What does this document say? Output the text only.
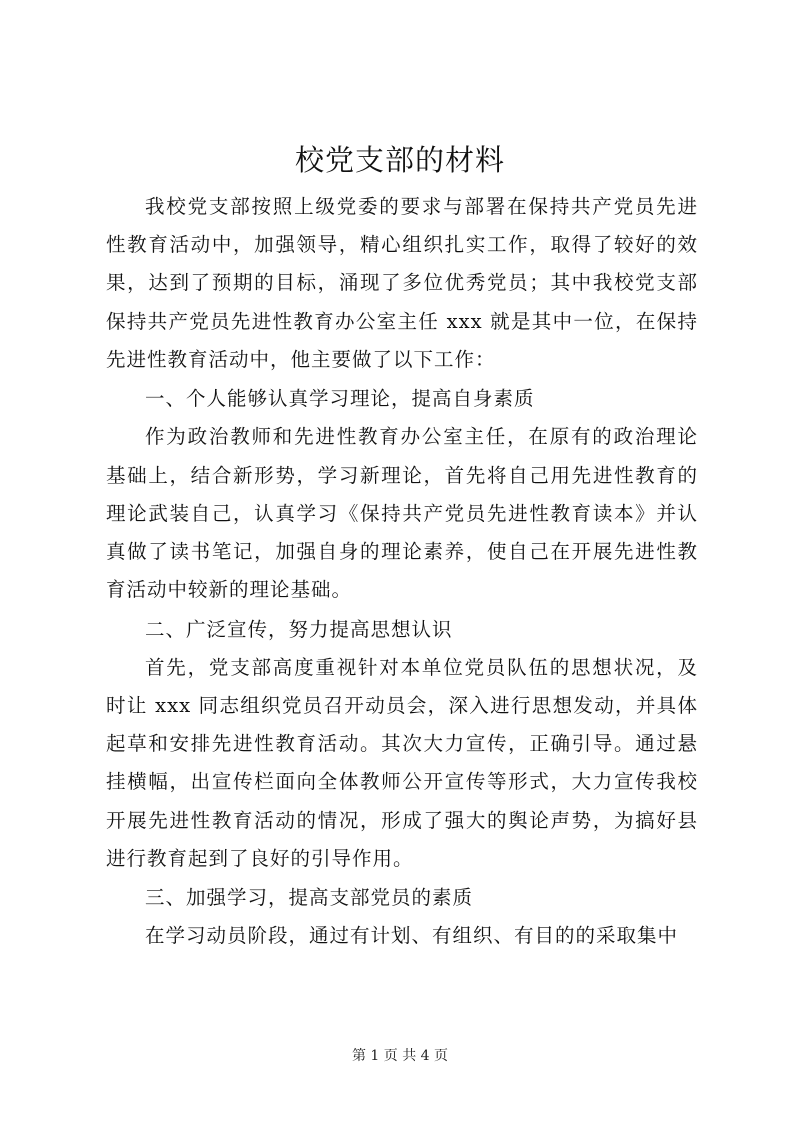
校党支部的材料

我校党支部按照上级党委的要求与部署在保持共产党员先进性教育活动中，加强领导，精心组织扎实工作，取得了较好的效果，达到了预期的目标，涌现了多位优秀党员；其中我校党支部保持共产党员先进性教育办公室主任 xxx 就是其中一位，在保持先进性教育活动中，他主要做了以下工作：

一、个人能够认真学习理论，提高自身素质

作为政治教师和先进性教育办公室主任，在原有的政治理论基础上，结合新形势，学习新理论，首先将自己用先进性教育的理论武装自己，认真学习《保持共产党员先进性教育读本》并认真做了读书笔记，加强自身的理论素养，使自己在开展先进性教育活动中较新的理论基础。

二、广泛宣传，努力提高思想认识

首先，党支部高度重视针对本单位党员队伍的思想状况，及时让 xxx 同志组织党员召开动员会，深入进行思想发动，并具体起草和安排先进性教育活动。其次大力宣传，正确引导。通过悬挂横幅，出宣传栏面向全体教师公开宣传等形式，大力宣传我校开展先进性教育活动的情况，形成了强大的舆论声势，为搞好县进行教育起到了良好的引导作用。

三、加强学习，提高支部党员的素质

在学习动员阶段，通过有计划、有组织、有目的的采取集中

第 1 页 共 4 页
